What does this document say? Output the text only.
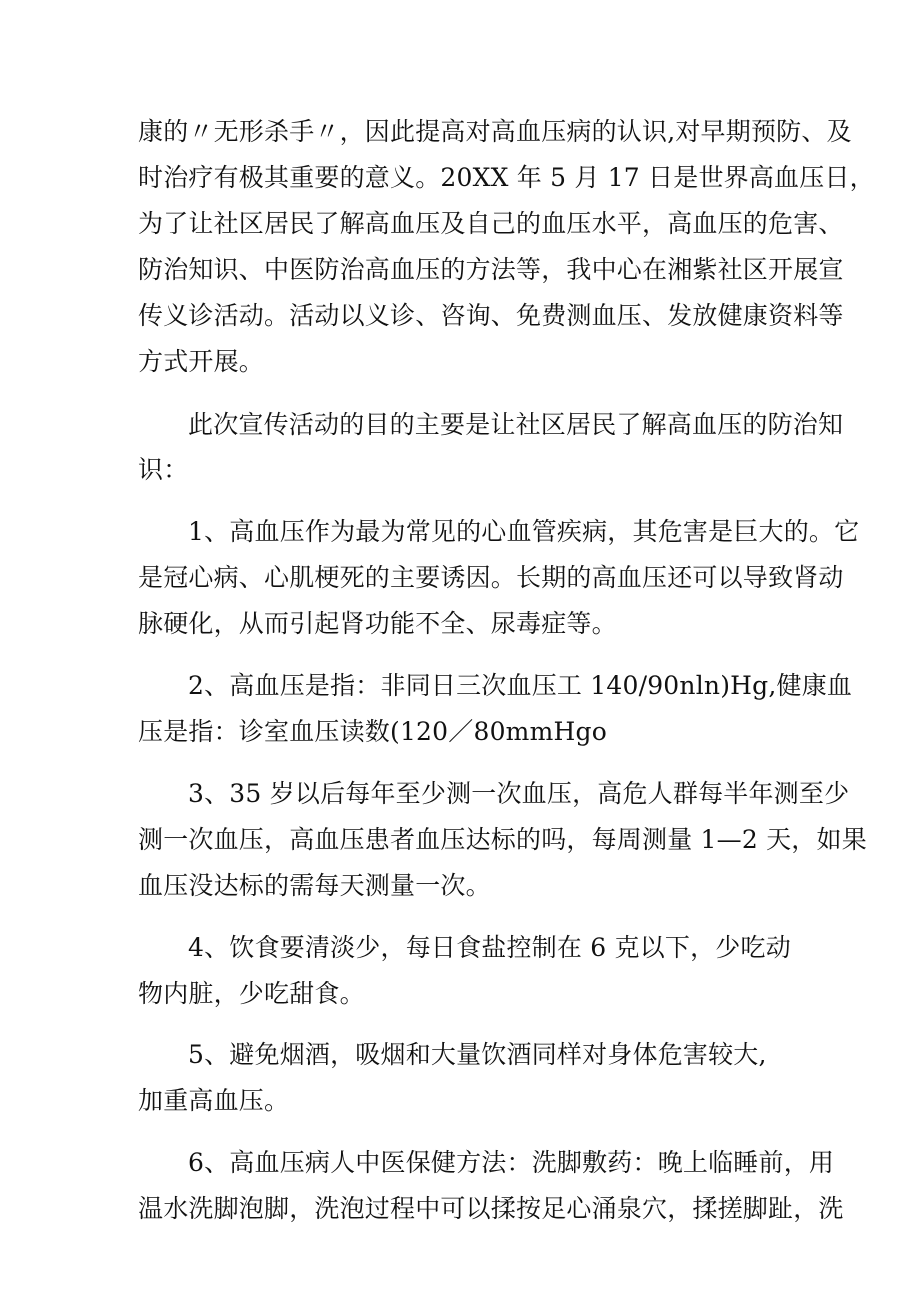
康的〃无形杀手〃，因此提高对高血压病的认识,对早期预防、及
时治疗有极其重要的意义。20XX 年 5 月 17 日是世界高血压日，
为了让社区居民了解高血压及自己的血压水平，高血压的危害、
防治知识、中医防治高血压的方法等，我中心在湘紫社区开展宣
传义诊活动。活动以义诊、咨询、免费测血压、发放健康资料等
方式开展。
此次宣传活动的目的主要是让社区居民了解高血压的防治知
识：
1、高血压作为最为常见的心血管疾病，其危害是巨大的。它
是冠心病、心肌梗死的主要诱因。长期的高血压还可以导致肾动
脉硬化，从而引起肾功能不全、尿毒症等。
2、高血压是指：非同日三次血压工 140/90nln)Hg,健康血
压是指：诊室血压读数(120／80mmHgo
3、35 岁以后每年至少测一次血压，高危人群每半年测至少
测一次血压，高血压患者血压达标的吗，每周测量 1—2 天，如果
血压没达标的需每天测量一次。
4、饮食要清淡少，每日食盐控制在 6 克以下，少吃动
物内脏，少吃甜食。
5、避免烟酒，吸烟和大量饮酒同样对身体危害较大,
加重高血压。
6、高血压病人中医保健方法：洗脚敷药：晚上临睡前，用
温水洗脚泡脚，洗泡过程中可以揉按足心涌泉穴，揉搓脚趾，洗
